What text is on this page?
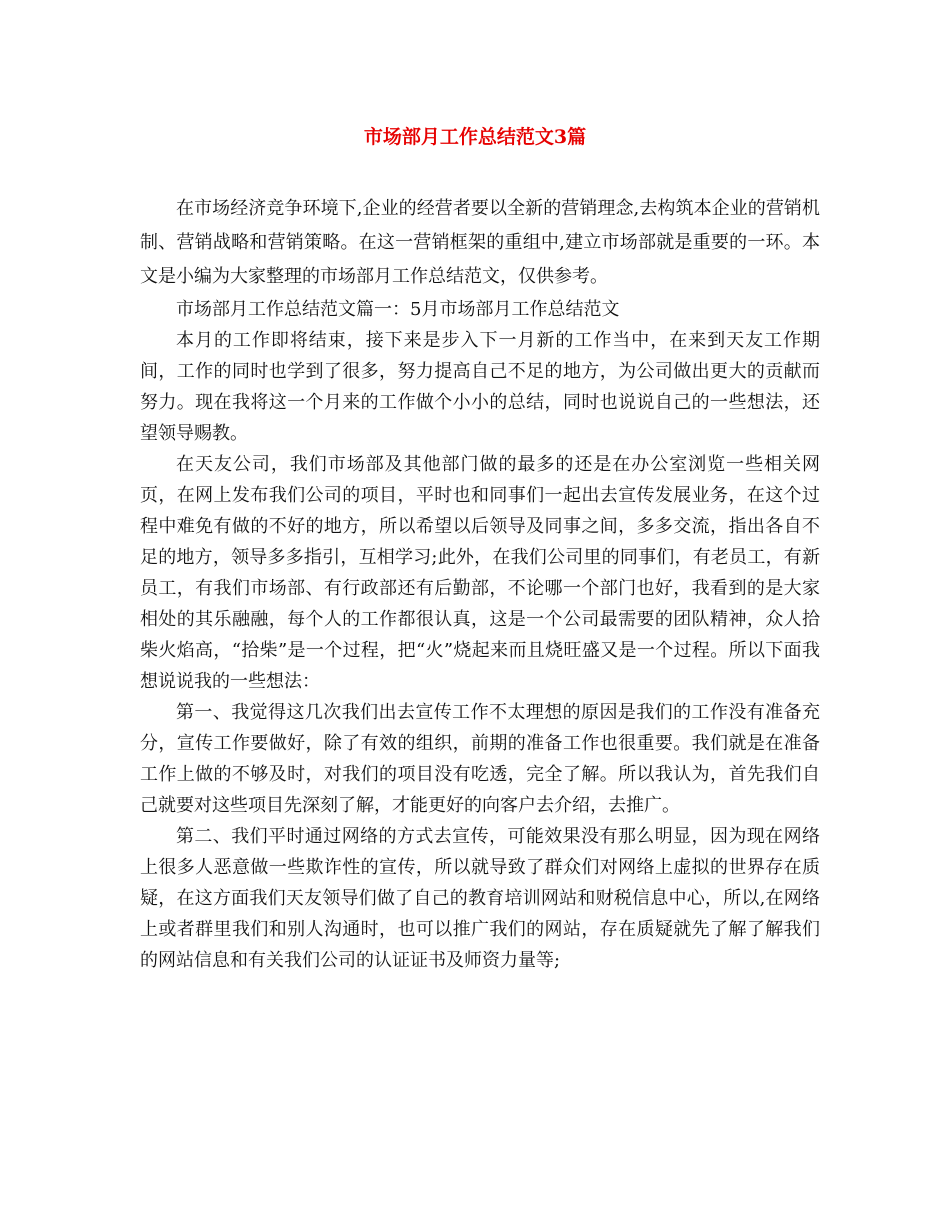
市场部月工作总结范文3篇

在市场经济竞争环境下,企业的经营者要以全新的营销理念,去构筑本企业的营销机制、营销战略和营销策略。在这一营销框架的重组中,建立市场部就是重要的一环。本文是小编为大家整理的市场部月工作总结范文，仅供参考。

市场部月工作总结范文篇一：5月市场部月工作总结范文

本月的工作即将结束，接下来是步入下一月新的工作当中，在来到天友工作期间，工作的同时也学到了很多，努力提高自己不足的地方，为公司做出更大的贡献而努力。现在我将这一个月来的工作做个小小的总结，同时也说说自己的一些想法，还望领导赐教。

在天友公司，我们市场部及其他部门做的最多的还是在办公室浏览一些相关网页，在网上发布我们公司的项目，平时也和同事们一起出去宣传发展业务，在这个过程中难免有做的不好的地方，所以希望以后领导及同事之间，多多交流，指出各自不足的地方，领导多多指引，互相学习;此外，在我们公司里的同事们，有老员工，有新员工，有我们市场部、有行政部还有后勤部，不论哪一个部门也好，我看到的是大家相处的其乐融融，每个人的工作都很认真，这是一个公司最需要的团队精神，众人拾柴火焰高，“拾柴”是一个过程，把“火”烧起来而且烧旺盛又是一个过程。所以下面我想说说我的一些想法：

第一、我觉得这几次我们出去宣传工作不太理想的原因是我们的工作没有准备充分，宣传工作要做好，除了有效的组织，前期的准备工作也很重要。我们就是在准备工作上做的不够及时，对我们的项目没有吃透，完全了解。所以我认为，首先我们自己就要对这些项目先深刻了解，才能更好的向客户去介绍，去推广。

第二、我们平时通过网络的方式去宣传，可能效果没有那么明显，因为现在网络上很多人恶意做一些欺诈性的宣传，所以就导致了群众们对网络上虚拟的世界存在质疑，在这方面我们天友领导们做了自己的教育培训网站和财税信息中心，所以,在网络上或者群里我们和别人沟通时，也可以推广我们的网站，存在质疑就先了解了解我们的网站信息和有关我们公司的认证证书及师资力量等;
